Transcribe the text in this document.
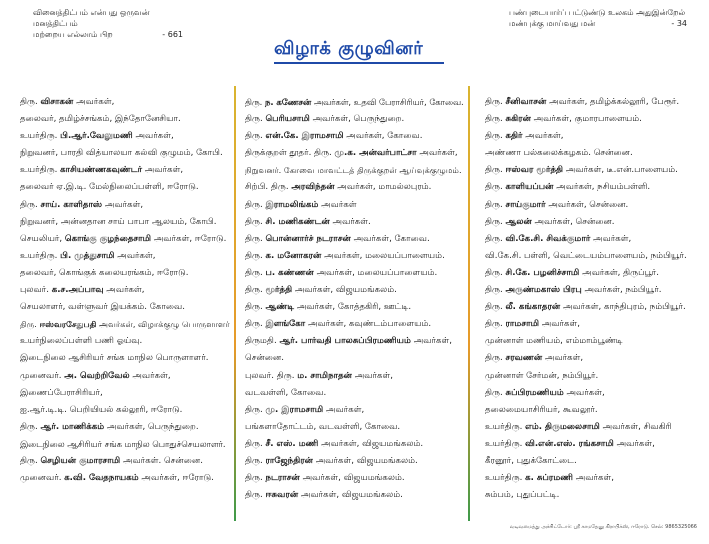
வினைத்திட்பம் என்பது ஒருவன் மனத்திட்பம்
மற்றைய எல்லாம் பிற	- 661
பண்புடையார்ப் பட்டுண்டு உலகம் அதுஇன்றேல்
மண்புக்கு மாய்வது மன்	- 34
விழாக் குழுவினர்
திரு. விசாகன் அவர்கள்,
தலைவர், தமிழ்ச்சங்கம், இந்தோனேசியா.
உயர்திரு. பி.ஆர்.வேலுமணி அவர்கள்,
நிறுவனர், பாரதி வித்யாலயா கல்வி குழுமம், கோபி.
உயர்திரு. காசியண்ணகவுண்டர் அவர்கள்,
தலைவர் ஏ.இ.டி. மேல்நிலைப்பள்ளி, ஈரோடு.
திரு. சாய். காளிதாஸ் அவர்கள்,
நிறுவனர், அன்னதான சாய் பாபா ஆலயம், கோபி.
செயலியர், கொங்கு குழந்தைசாமி அவர்கள், ஈரோடு.
உயர்திரு. பி. முத்துசாமி அவர்கள்,
தலைவர், கொங்குக் கலையரங்கம், ஈரோடு.
புலவர். க.ச.அப்பாவு அவர்கள்,
செயலாளர், வள்ளுவர் இயக்கம். கோவை.
திரு. ஈஸ்வரசேதுபதி அவர்கள், விழாக்குழு பொருளாளர்
உயர்நிலைப்பள்ளி பணி ஓய்வு.
இடைநிலை ஆசிரியர் சங்க மாநில பொருளாளர்.
முனைவர். அ. வெற்றிவேல் அவர்கள்,
இணைப்பேராசிரியர்,
ஐ.ஆர்.டி.டி. பெறியியல் கல்லூரி, ஈரோடு.
திரு. ஆர். மாணிக்கம் அவர்கள், பெருந்துறை.
இடைநிலை ஆசிரியர் சங்க மாநில பொதுச்செயலாளர்.
திரு. செழியன் குமாரசாமி அவர்கள். சென்னை.
முனைவர். க.வி. வேதநாயகம் அவர்கள், ஈரோடு.
திரு. ந. கணேசன் அவர்கள், உதவி பேராசிரியர், கோவை.
திரு. பெரியசாமி அவர்கள், பெருந்துறை.
திரு. என்.கே. இராமசாமி அவர்கள், கோவை.
திருக்குறள் தூதர். திரு. மு.க. அன்வர்பாட்சா அவர்கள்,
நிறுவனர். கோவை மாவட்டத் திருக்குறள் ஆய்வுக்குழுமம்.
சிற்பி. திரு. அரவிந்தன் அவர்கள், மாமல்லபுரம்.
திரு. இராமலிங்கம் அவர்கள்
திரு. சி. மணிகண்டன் அவர்கள்.
திரு. பொன்னார்ச் நடராசன் அவர்கள், கோவை.
திரு. க. மனோகரன் அவர்கள், மலையப்பாளையம்.
திரு. ப. கண்ணன் அவர்கள், மலையப்பாளையம்.
திரு. மூர்த்தி அவர்கள், விஜயமங்கலம்.
திரு. ஆண்டி அவர்கள், கோத்தகிரி, ஊட்டி.
திரு. இளங்கோ அவர்கள், கவுண்டம்பாளையம்.
திருமதி. ஆர். பார்வதி பாலசுப்பிரமணியம் அவர்கள்,
சென்னை.
புலவர். திரு. ம. சாமிநாதன் அவர்கள்,
வடவள்ளி, கோவை.
திரு. மு. இராமசாமி அவர்கள்,
பங்களாதோட்டம், வடவள்ளி, கோவை.
திரு. சீ. எஸ். மணி அவர்கள், விஜயமங்கலம்.
திரு. ராஜேந்திரன் அவர்கள், விஜயமங்கலம்.
திரு. நடராசன் அவர்கள், விஜயமங்கலம்.
திரு. ஈசுவரன் அவர்கள், விஜயமங்கலம்.
திரு. சீனிவாசன் அவர்கள், தமிழ்க்கல்லூரி, பேரூர்.
திரு. சுகிரன் அவர்கள், குமாரபாளையம்.
திரு. கதிர் அவர்கள்,
அண்ணா பல்கலைக்கழகம். சென்னை.
திரு. ஈஸ்வர மூர்த்தி அவர்கள், டீ.என்.பாளையம்.
திரு. காளியப்பன் அவர்கள், நசியம்பள்ளி.
திரு. சாய்குமார் அவர்கள், சென்னை.
திரு. ஆலன் அவர்கள், சென்னை.
திரு. வி.கே.சி. சிவக்குமார் அவர்கள்,
வி.கே.சி. பள்ளி, வெட்டையம்பாளையம், நம்பியூர்.
திரு. சி.கே. பழனிச்சாமி அவர்கள், திருப்பூர்.
திரு. அருண்மகாஸ் பிரபு அவர்கள், நம்பியூர்.
திரு. லீ. கங்காதரன் அவர்கள், காந்திபுரம், நம்பியூர்.
திரு. ராமசாமி அவர்கள்,
முன்னாள் மணியம், எம்மாம்பூண்டி
திரு. சரவணன் அவர்கள்,
முன்னாள் சேர்மன், நம்பியூர்.
திரு. சுப்பிரமணியம் அவர்கள்,
தலைமையாசிரியர், கூவலூர்.
உயர்திரு. எம். திருமலைசாமி அவர்கள், சிவகிரி
உயர்திரு. வி.என்.எஸ். ரங்கசாமி அவர்கள்,
கீரனூர், புதுக்கோட்டை.
உயர்திரு. க. சுப்ரமணி அவர்கள்,
சும்பம், புதுப்பட்டி.
வடிவமைத்து அச்சிட்டோர்: ஸ்ரீ காமதேனு கிராபிக்ஸ், ஈரோடு. செல்: 9865325066
